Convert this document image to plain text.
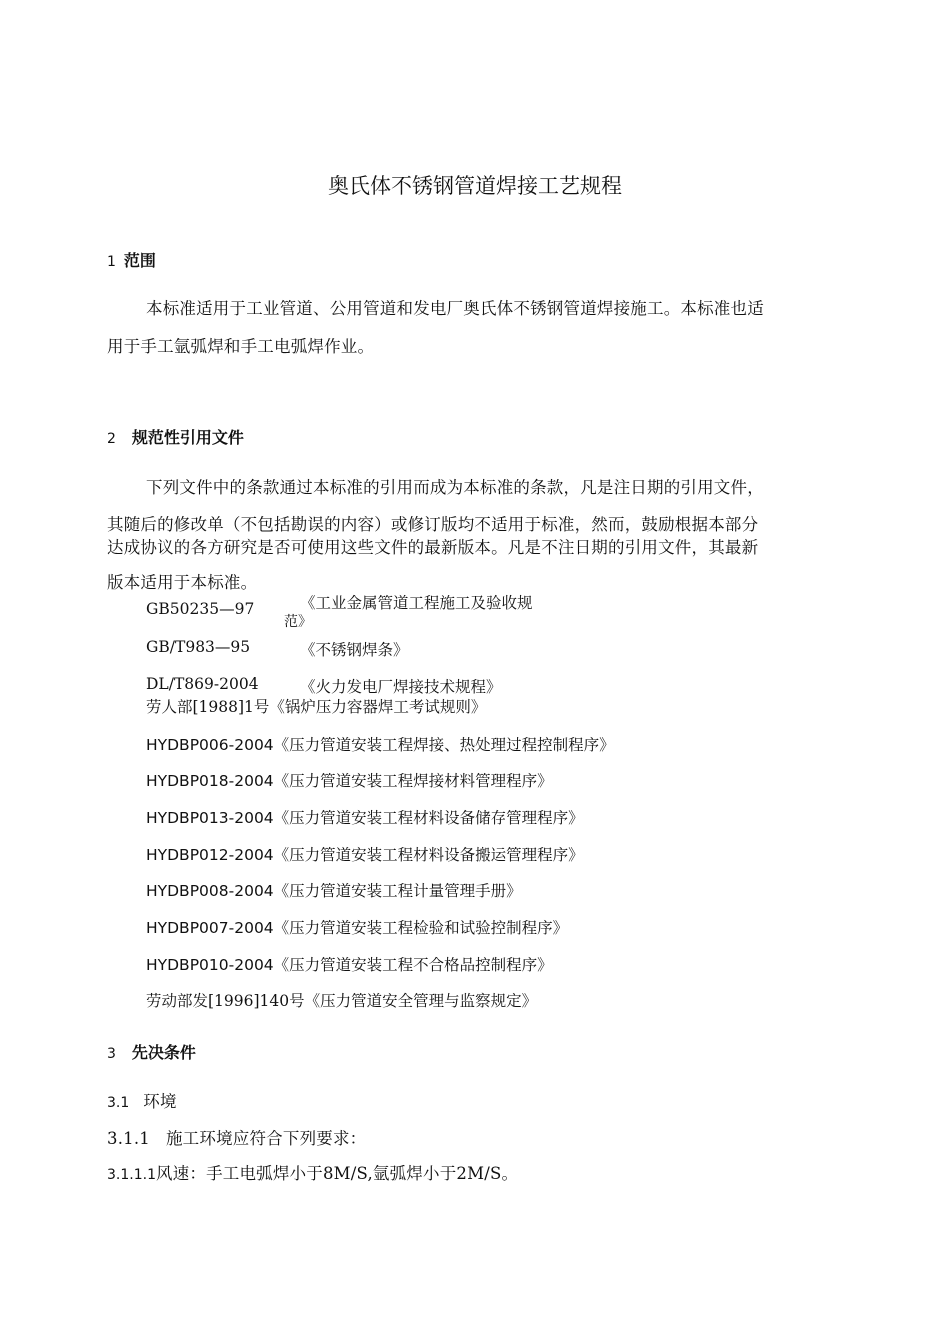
奥氏体不锈钢管道焊接工艺规程
1 范围
本标准适用于工业管道、公用管道和发电厂奥氏体不锈钢管道焊接施工。本标准也适
用于手工氩弧焊和手工电弧焊作业。
2 规范性引用文件
下列文件中的条款通过本标准的引用而成为本标准的条款，凡是注日期的引用文件，
其随后的修改单（不包括勘误的内容）或修订版均不适用于标准，然而，鼓励根据本部分
达成协议的各方研究是否可使用这些文件的最新版本。凡是不注日期的引用文件，其最新
版本适用于本标准。
GB50235—97	《工业金属管道工程施工及验收规
范》
GB/T983—95	《不锈钢焊条》
DL/T869-2004	《火力发电厂焊接技术规程》
劳人部[1988]1号《锅炉压力容器焊工考试规则》
HYDBP006-2004《压力管道安装工程焊接、热处理过程控制程序》
HYDBP018-2004《压力管道安装工程焊接材料管理程序》
HYDBP013-2004《压力管道安装工程材料设备储存管理程序》
HYDBP012-2004《压力管道安装工程材料设备搬运管理程序》
HYDBP008-2004《压力管道安装工程计量管理手册》
HYDBP007-2004《压力管道安装工程检验和试验控制程序》
HYDBP010-2004《压力管道安装工程不合格品控制程序》
劳动部发[1996]140号《压力管道安全管理与监察规定》
3 先决条件
3.1 环境
3.1.1 施工环境应符合下列要求：
3.1.1.1风速：手工电弧焊小于8M/S,氩弧焊小于2M/S。
